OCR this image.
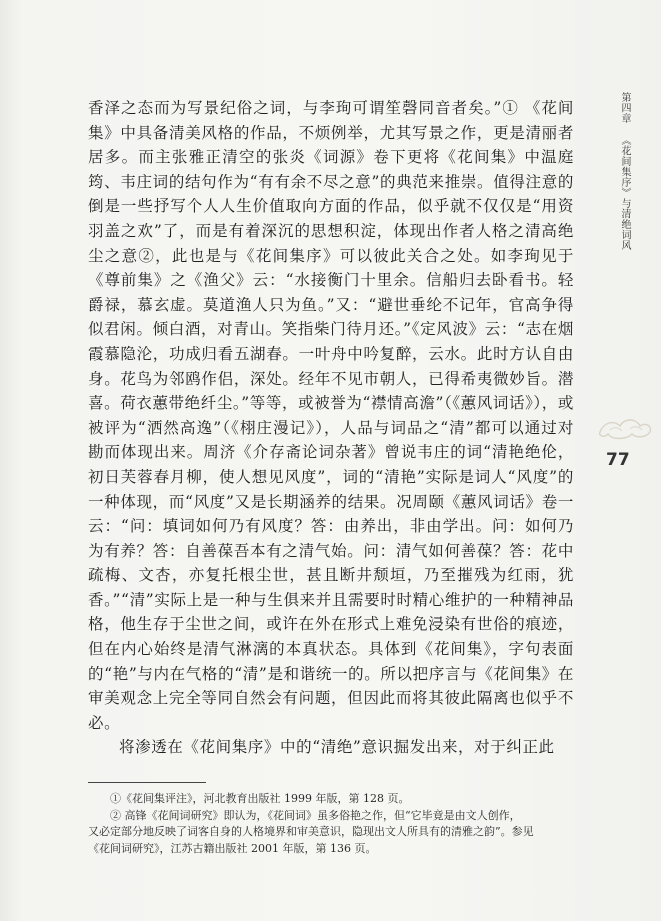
第四章 《花间集序》与清绝词风
77

香泽之态而为写景纪俗之词，与李珣可谓笙磬同音者矣。”① 《花间集》中具备清美风格的作品，不烦例举，尤其写景之作，更是清丽者居多。而主张雅正清空的张炎《词源》卷下更将《花间集》中温庭筠、韦庄词的结句作为“有有余不尽之意”的典范来推崇。值得注意的倒是一些抒写个人人生价值取向方面的作品，似乎就不仅仅是“用资羽盖之欢”了，而是有着深沉的思想积淀，体现出作者人格之清高绝尘之意②，此也是与《花间集序》可以彼此关合之处。如李珣见于《尊前集》之《渔父》云：“水接衡门十里余。信船归去卧看书。轻爵禄，慕玄虚。莫道渔人只为鱼。”又：“避世垂纶不记年，官高争得似君闲。倾白酒，对青山。笑指柴门待月还。”《定风波》云：“志在烟霞慕隐沦，功成归看五湖春。一叶舟中吟复醉，云水。此时方认自由身。花鸟为邻鸥作侣，深处。经年不见市朝人，已得希夷微妙旨。潜喜。荷衣蕙带绝纤尘。”等等，或被誉为“襟情高澹”（《蕙风词话》），或被评为“洒然高逸”（《栩庄漫记》），人品与词品之“清”都可以通过对勘而体现出来。周济《介存斋论词杂著》曾说韦庄的词“清艳绝伦，初日芙蓉春月柳，使人想见风度”，词的“清艳”实际是词人“风度”的一种体现，而“风度”又是长期涵养的结果。况周颐《蕙风词话》卷一云：“问：填词如何乃有风度？答：由养出，非由学出。问：如何乃为有养？答：自善葆吾本有之清气始。问：清气如何善葆？答：花中疏梅、文杏，亦复托根尘世，甚且断井颓垣，乃至摧残为红雨，犹香。”“清”实际上是一种与生俱来并且需要时时精心维护的一种精神品格，他生存于尘世之间，或许在外在形式上难免浸染有世俗的痕迹，但在内心始终是清气淋漓的本真状态。具体到《花间集》，字句表面的“艳”与内在气格的“清”是和谐统一的。所以把序言与《花间集》在审美观念上完全等同自然会有问题，但因此而将其彼此隔离也似乎不必。

将渗透在《花间集序》中的“清绝”意识掘发出来，对于纠正此

①《花间集评注》，河北教育出版社 1999 年版，第 128 页。

② 高锋《花间词研究》即认为，《花间词》虽多俗艳之作，但“它毕竟是由文人创作，

又必定部分地反映了词客自身的人格境界和审美意识，隐现出文人所具有的清雅之韵”。参见

《花间词研究》，江苏古籍出版社 2001 年版，第 136 页。
